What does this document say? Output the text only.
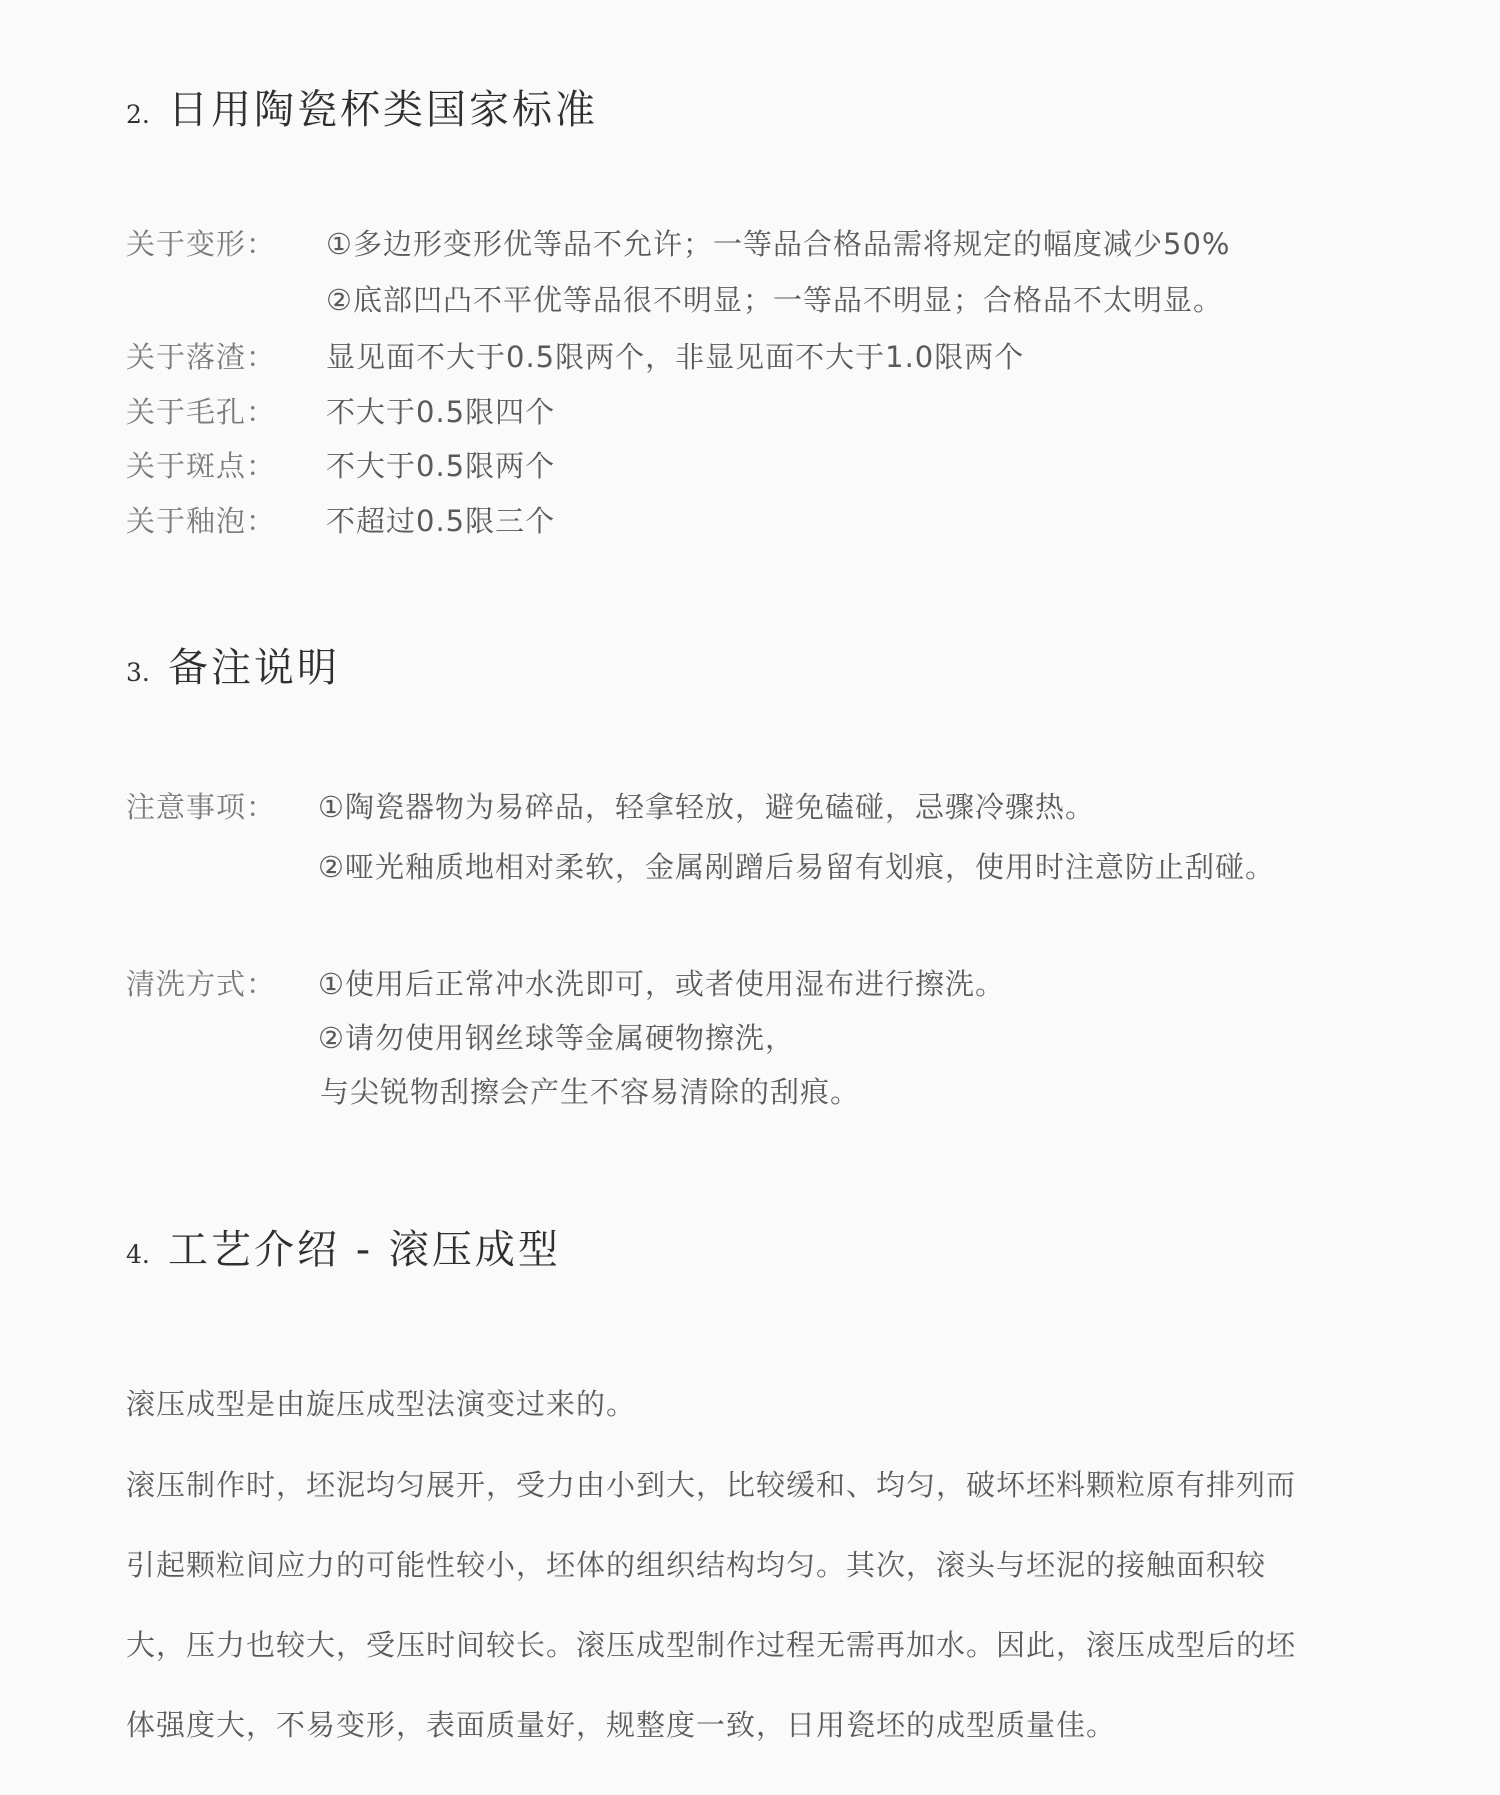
2. 日用陶瓷杯类国家标准
关于变形：	①多边形变形优等品不允许；一等品合格品需将规定的幅度减少50%
②底部凹凸不平优等品很不明显；一等品不明显；合格品不太明显。
关于落渣：	显见面不大于0.5限两个，非显见面不大于1.0限两个
关于毛孔：	不大于0.5限四个
关于斑点：	不大于0.5限两个
关于釉泡：	不超过0.5限三个
3. 备注说明
注意事项：	①陶瓷器物为易碎品，轻拿轻放，避免磕碰，忌骤冷骤热。
②哑光釉质地相对柔软，金属剐蹭后易留有划痕，使用时注意防止刮碰。
清洗方式：	①使用后正常冲水洗即可，或者使用湿布进行擦洗。
②请勿使用钢丝球等金属硬物擦洗，
与尖锐物刮擦会产生不容易清除的刮痕。
4. 工艺介绍 - 滚压成型
滚压成型是由旋压成型法演变过来的。
滚压制作时，坯泥均匀展开，受力由小到大，比较缓和、均匀，破坏坯料颗粒原有排列而
引起颗粒间应力的可能性较小，坯体的组织结构均匀。其次，滚头与坯泥的接触面积较
大，压力也较大，受压时间较长。滚压成型制作过程无需再加水。因此，滚压成型后的坯
体强度大，不易变形，表面质量好，规整度一致，日用瓷坯的成型质量佳。
